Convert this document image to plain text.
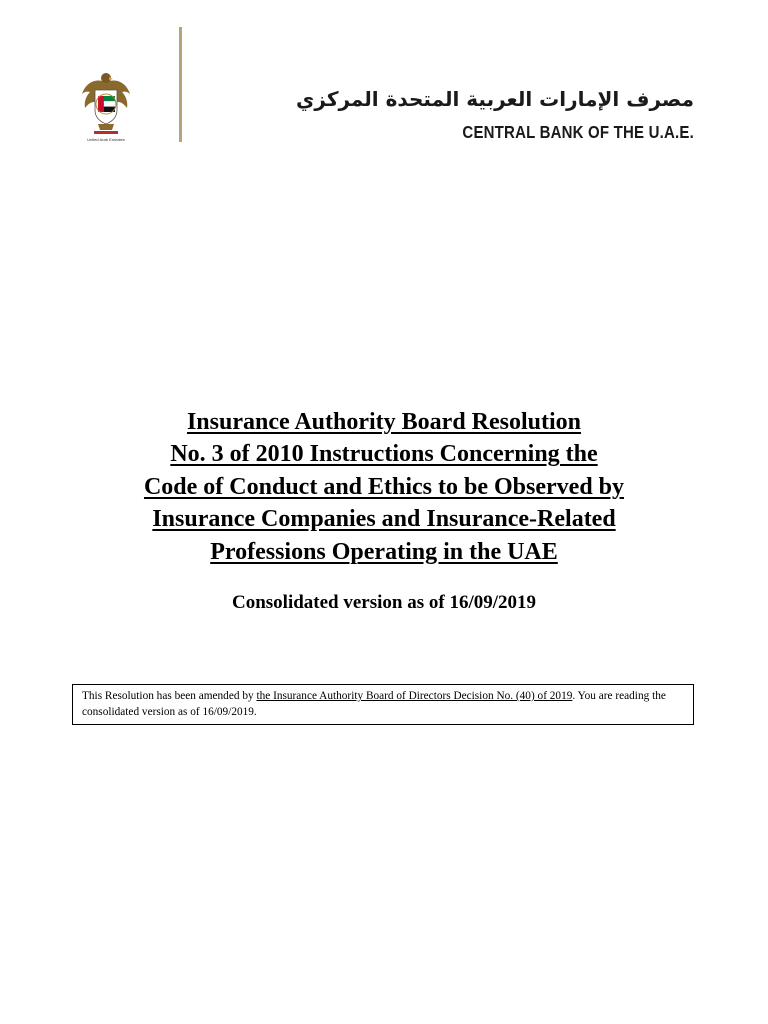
United Arab Emirates
مصرف الإمارات العربية المتحدة المركزي
CENTRAL BANK OF THE U.A.E.
Insurance Authority Board Resolution
No. 3 of 2010 Instructions Concerning the
Code of Conduct and Ethics to be Observed by
Insurance Companies and Insurance-Related
Professions Operating in the UAE

Consolidated version as of 16/09/2019

This Resolution has been amended by the Insurance Authority Board of Directors Decision No. (40) of 2019. You are reading the consolidated version as of 16/09/2019.
